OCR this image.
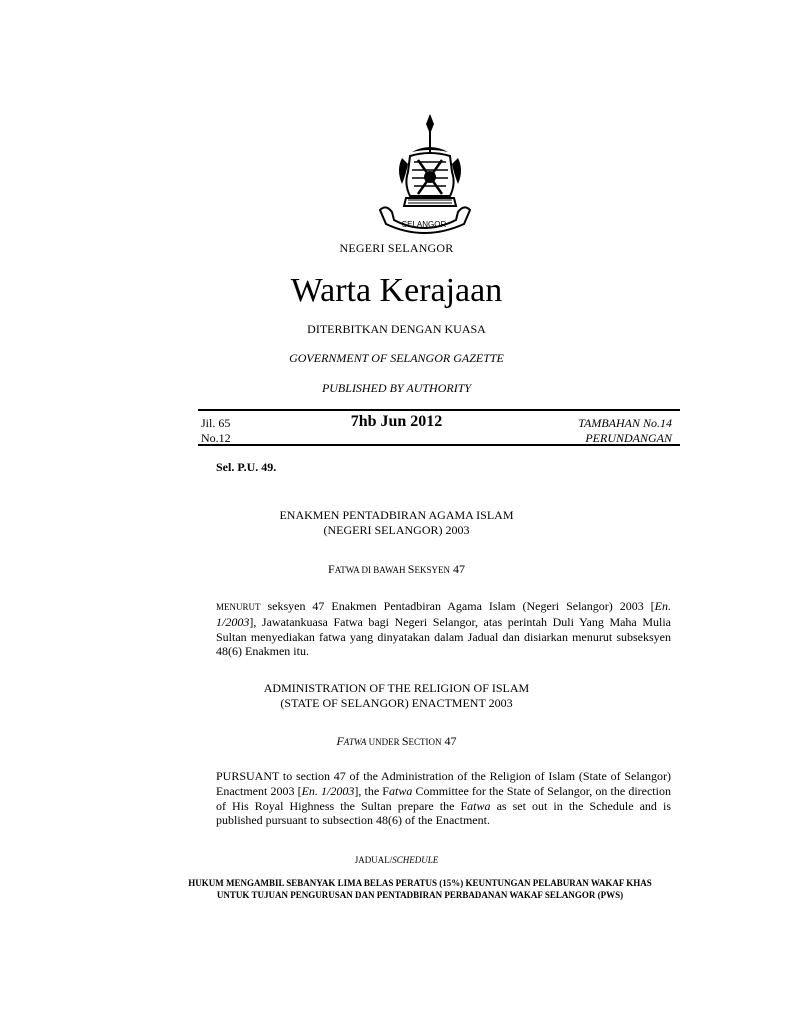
SELANGOR
NEGERI SELANGOR
Warta Kerajaan
DITERBITKAN DENGAN KUASA
GOVERNMENT OF SELANGOR GAZETTE
PUBLISHED BY AUTHORITY
Jil. 65
No.12
7hb Jun 2012	TAMBAHAN No.14
PERUNDANGAN
Sel. P.U. 49.
ENAKMEN PENTADBIRAN AGAMA ISLAM
(NEGERI SELANGOR) 2003
FATWA DI BAWAH SEKSYEN 47
MENURUT seksyen 47 Enakmen Pentadbiran Agama Islam (Negeri Selangor) 2003 [En. 1/2003], Jawatankuasa Fatwa bagi Negeri Selangor, atas perintah Duli Yang Maha Mulia Sultan menyediakan fatwa yang dinyatakan dalam Jadual dan disiarkan menurut subseksyen 48(6) Enakmen itu.
ADMINISTRATION OF THE RELIGION OF ISLAM
(STATE OF SELANGOR) ENACTMENT 2003
FATWA UNDER SECTION 47
PURSUANT to section 47 of the Administration of the Religion of Islam (State of Selangor) Enactment 2003 [En. 1/2003], the Fatwa Committee for the State of Selangor, on the direction of His Royal Highness the Sultan prepare the Fatwa as set out in the Schedule and is published pursuant to subsection 48(6) of the Enactment.
JADUAL/SCHEDULE
HUKUM MENGAMBIL SEBANYAK LIMA BELAS PERATUS (15%) KEUNTUNGAN PELABURAN WAKAF KHAS UNTUK TUJUAN PENGURUSAN DAN PENTADBIRAN PERBADANAN WAKAF SELANGOR (PWS)
